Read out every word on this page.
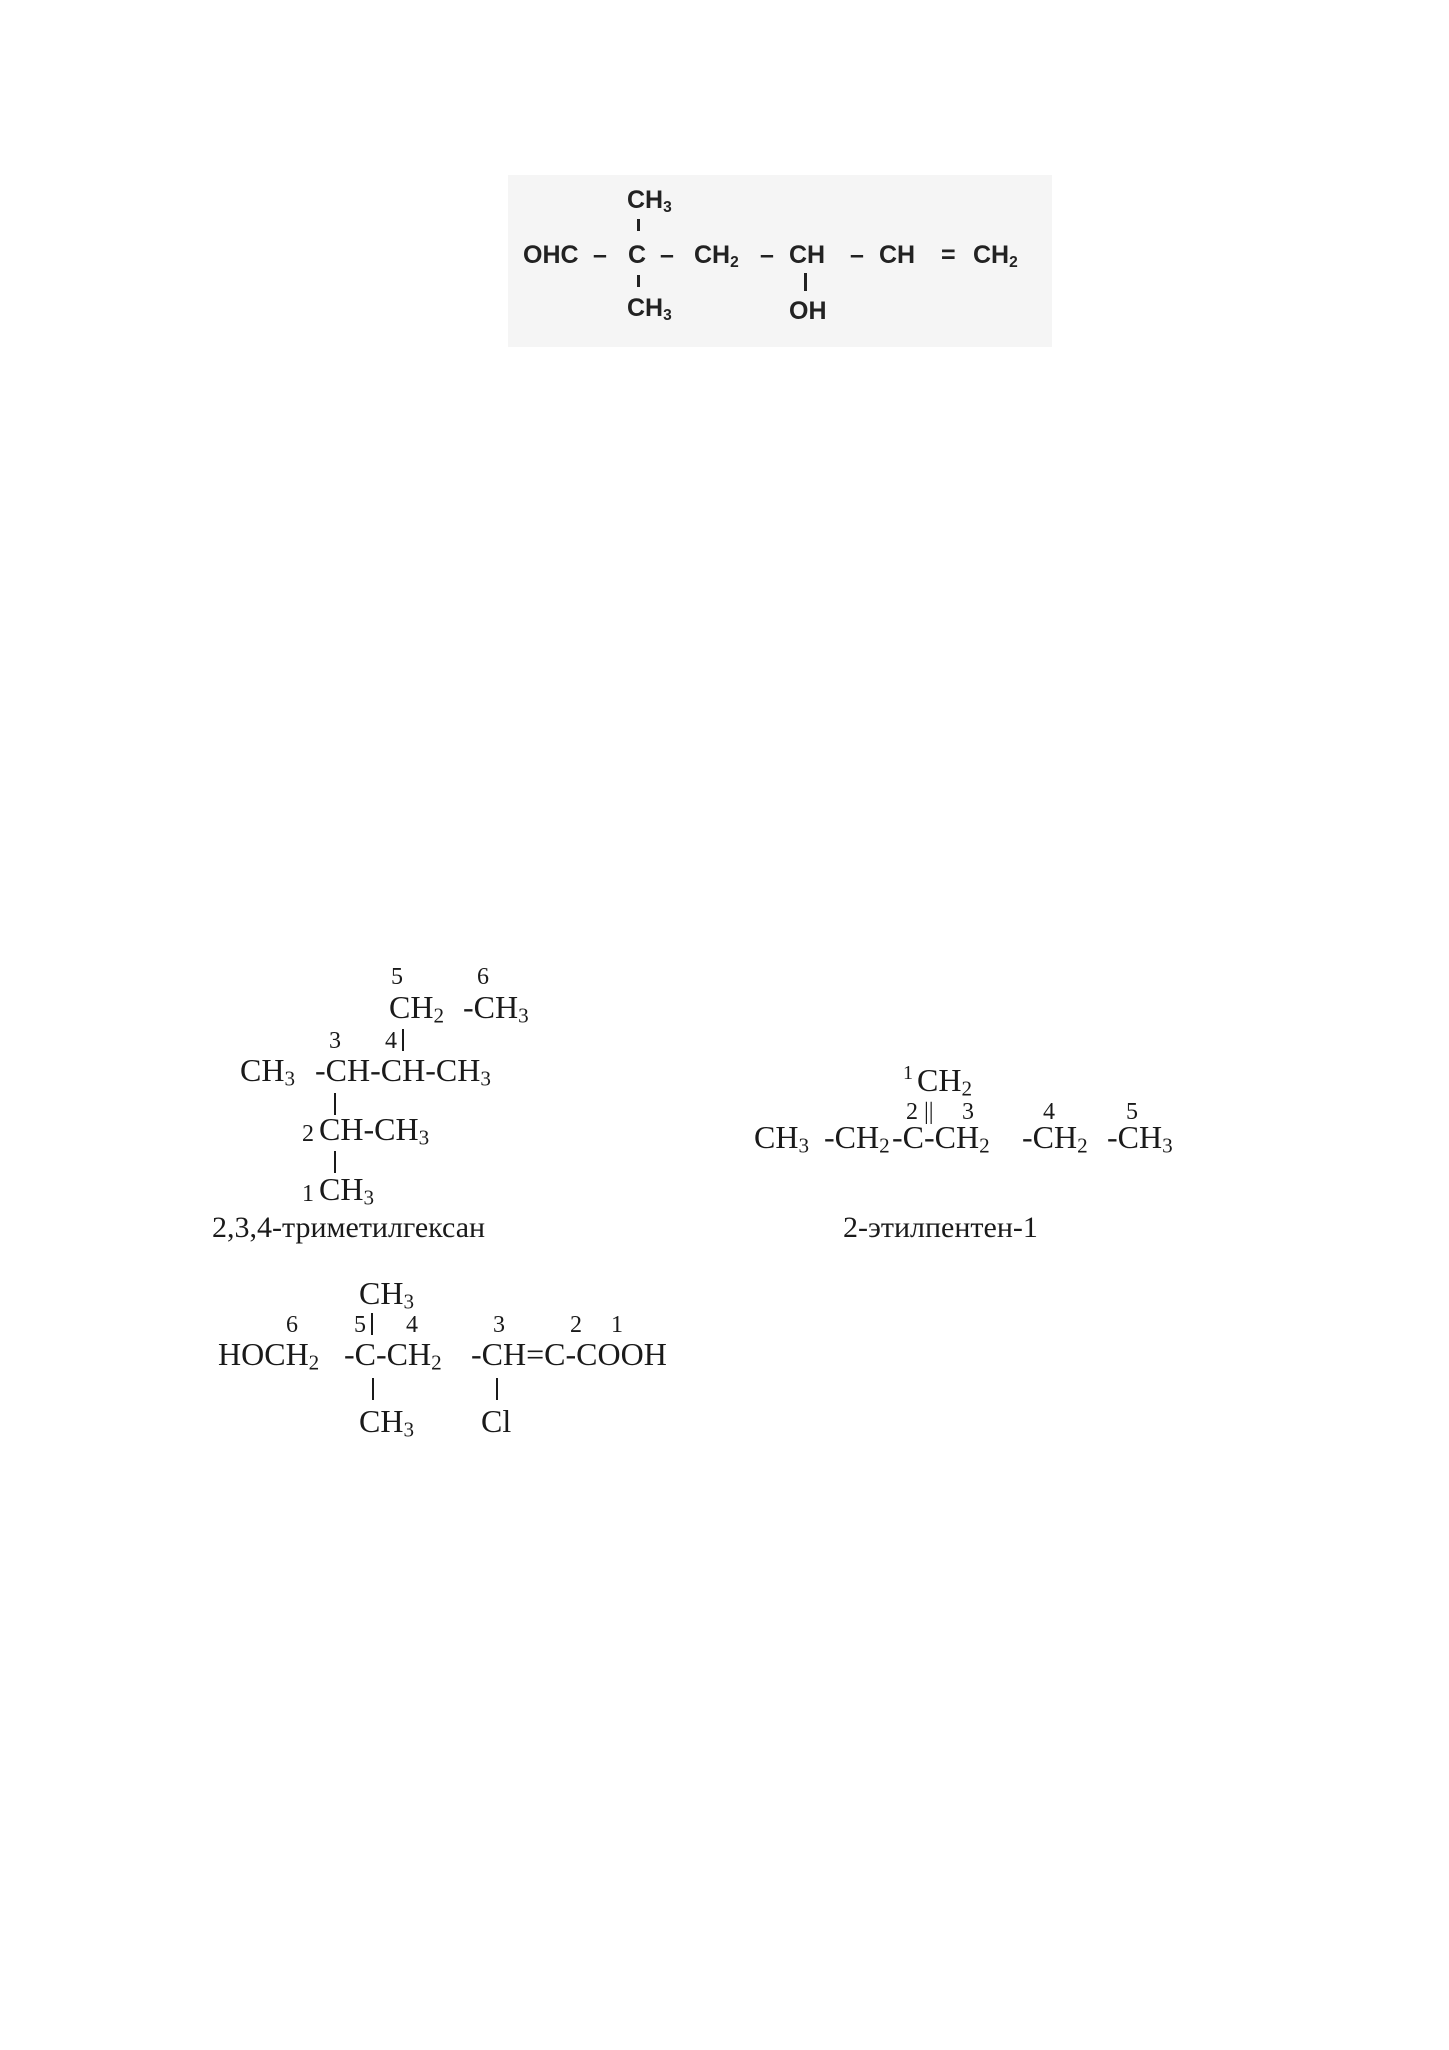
$CH_3$
OHC – C – $CH_2$ – CH – CH = $CH_2$
$CH_3$	OH
5	6
$CH_2$ $-CH_3$
3 4
$CH_3$ $-CH-CH-CH_3$
2 $CH-CH_3$
1 $CH_3$
2,3,4-триметилгексан
1 $CH_2$
2 || 3	4	5
$CH_3$ $-CH_2$ $-C-CH_2$ $-CH_2$ $-CH_3$
2-этилпентен-1
$CH_3$
6 5 4	3	2 1
$HOCH_2$ $-C-CH_2$ -CH=C-COOH
$CH_3$ Cl
